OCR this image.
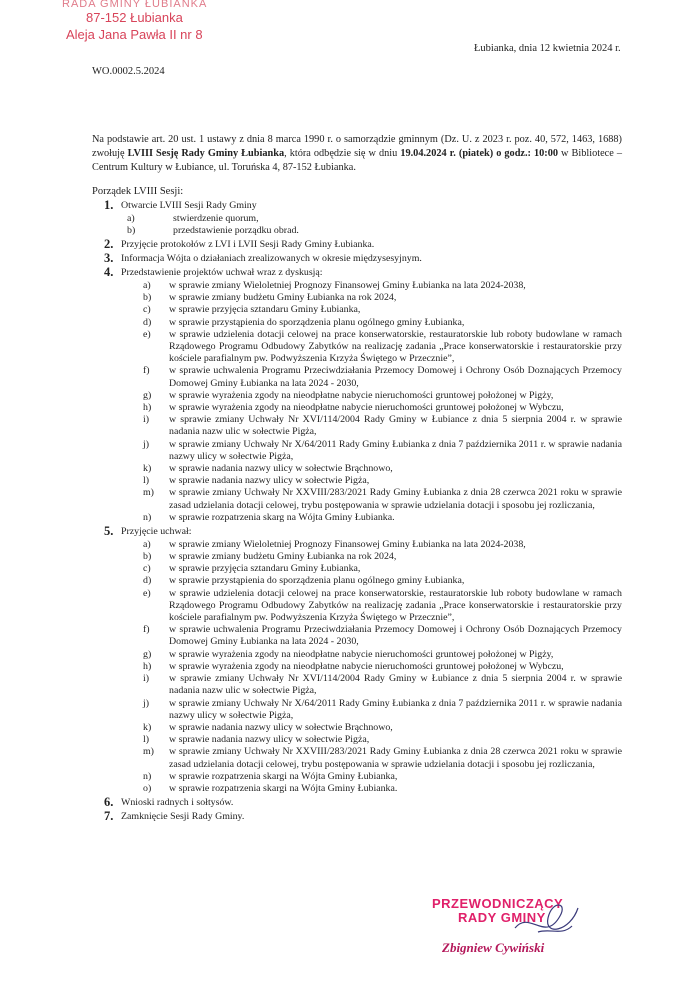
RADA GMINY ŁUBIANKA
87-152 Łubianka
Aleja Jana Pawła II nr 8
Łubianka, dnia 12 kwietnia 2024 r.
WO.0002.5.2024
Na podstawie art. 20 ust. 1 ustawy z dnia 8 marca 1990 r. o samorządzie gminnym (Dz. U. z 2023 r. poz. 40, 572, 1463, 1688) zwołuję LVIII Sesję Rady Gminy Łubianka, która odbędzie się w dniu 19.04.2024 r. (piatek) o godz.: 10:00 w Bibliotece – Centrum Kultury w Łubiance, ul. Toruńska 4, 87-152 Łubianka.
Porządek LVIII Sesji:
1. Otwarcie LVIII Sesji Rady Gminy
a)	stwierdzenie quorum,
b)	przedstawienie porządku obrad.
2. Przyjęcie protokołów z LVI i LVII Sesji Rady Gminy Łubianka.
3. Informacja Wójta o działaniach zrealizowanych w okresie międzysesyjnym.
4. Przedstawienie projektów uchwał wraz z dyskusją:
a) w sprawie zmiany Wieloletniej Prognozy Finansowej Gminy Łubianka na lata 2024-2038,
b) w sprawie zmiany budżetu Gminy Łubianka na rok 2024,
c) w sprawie przyjęcia sztandaru Gminy Łubianka,
d) w sprawie przystąpienia do sporządzenia planu ogólnego gminy Łubianka,
e) w sprawie udzielenia dotacji celowej na prace konserwatorskie, restauratorskie lub roboty budowlane w ramach Rządowego Programu Odbudowy Zabytków na realizację zadania „Prace konserwatorskie i restauratorskie przy kościele parafialnym pw. Podwyższenia Krzyża Świętego w Przecznie”,
f) w sprawie uchwalenia Programu Przeciwdziałania Przemocy Domowej i Ochrony Osób Doznających Przemocy Domowej Gminy Łubianka na lata 2024 - 2030,
g) w sprawie wyrażenia zgody na nieodpłatne nabycie nieruchomości gruntowej położonej w Pigży,
h) w sprawie wyrażenia zgody na nieodpłatne nabycie nieruchomości gruntowej położonej w Wybczu,
i) w sprawie zmiany Uchwały Nr XVI/114/2004 Rady Gminy w Łubiance z dnia 5 sierpnia 2004 r. w sprawie nadania nazw ulic w sołectwie Pigża,
j) w sprawie zmiany Uchwały Nr X/64/2011 Rady Gminy Łubianka z dnia 7 października 2011 r. w sprawie nadania nazwy ulicy w sołectwie Pigża,
k) w sprawie nadania nazwy ulicy w sołectwie Brąchnowo,
l) w sprawie nadania nazwy ulicy w sołectwie Pigża,
m) w sprawie zmiany Uchwały Nr XXVIII/283/2021 Rady Gminy Łubianka z dnia 28 czerwca 2021 roku w sprawie zasad udzielania dotacji celowej, trybu postępowania w sprawie udzielania dotacji i sposobu jej rozliczania,
n) w sprawie rozpatrzenia skarg na Wójta Gminy Łubianka.
5. Przyjęcie uchwał:
a) w sprawie zmiany Wieloletniej Prognozy Finansowej Gminy Łubianka na lata 2024-2038,
b) w sprawie zmiany budżetu Gminy Łubianka na rok 2024,
c) w sprawie przyjęcia sztandaru Gminy Łubianka,
d) w sprawie przystąpienia do sporządzenia planu ogólnego gminy Łubianka,
e) w sprawie udzielenia dotacji celowej na prace konserwatorskie, restauratorskie lub roboty budowlane w ramach Rządowego Programu Odbudowy Zabytków na realizację zadania „Prace konserwatorskie i restauratorskie przy kościele parafialnym pw. Podwyższenia Krzyża Świętego w Przecznie”,
f) w sprawie uchwalenia Programu Przeciwdziałania Przemocy Domowej i Ochrony Osób Doznających Przemocy Domowej Gminy Łubianka na lata 2024 - 2030,
g) w sprawie wyrażenia zgody na nieodpłatne nabycie nieruchomości gruntowej położonej w Pigży,
h) w sprawie wyrażenia zgody na nieodpłatne nabycie nieruchomości gruntowej położonej w Wybczu,
i) w sprawie zmiany Uchwały Nr XVI/114/2004 Rady Gminy w Łubiance z dnia 5 sierpnia 2004 r. w sprawie nadania nazw ulic w sołectwie Pigża,
j) w sprawie zmiany Uchwały Nr X/64/2011 Rady Gminy Łubianka z dnia 7 października 2011 r. w sprawie nadania nazwy ulicy w sołectwie Pigża,
k) w sprawie nadania nazwy ulicy w sołectwie Brąchnowo,
l) w sprawie nadania nazwy ulicy w sołectwie Pigża,
m) w sprawie zmiany Uchwały Nr XXVIII/283/2021 Rady Gminy Łubianka z dnia 28 czerwca 2021 roku w sprawie zasad udzielania dotacji celowej, trybu postępowania w sprawie udzielania dotacji i sposobu jej rozliczania,
n) w sprawie rozpatrzenia skargi na Wójta Gminy Łubianka,
o) w sprawie rozpatrzenia skargi na Wójta Gminy Łubianka.
6. Wnioski radnych i sołtysów.
7. Zamknięcie Sesji Rady Gminy.
PRZEWODNICZĄCY
RADY GMINY
Zbigniew Cywiński
